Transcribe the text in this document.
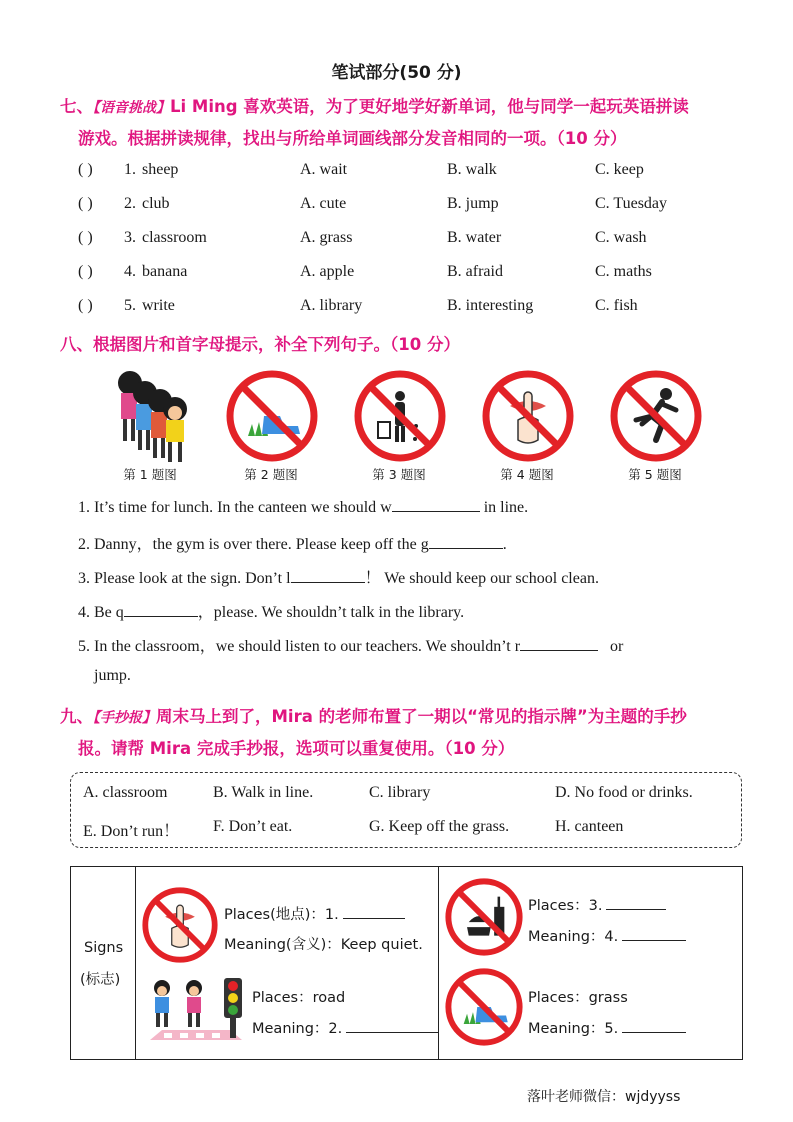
笔试部分(50 分)
七、【语音挑战】Li Ming 喜欢英语，为了更好地学好新单词，他与同学一起玩英语拼读
游戏。根据拼读规律，找出与所给单词画线部分发音相同的一项。（10 分）
( ) 1. sheep	A. wait	B. walk	C. keep
( ) 2. club	A. cute	B. jump	C. Tuesday
( ) 3. classroom	A. grass	B. water	C. wash
( ) 4. banana	A. apple	B. afraid	C. maths
( ) 5. write	A. library	B. interesting	C. fish
八、根据图片和首字母提示，补全下列句子。（10 分）
第 1 题图	第 2 题图	第 3 题图	第 4 题图	第 5 题图
1. It’s time for lunch. In the canteen we should w	in line.
2. Danny，the gym is over there. Please keep off the g	.
3. Please look at the sign. Don’t l	！ We should keep our school clean.
4. Be q	，please. We shouldn’t talk in the library.
5. In the classroom，we should listen to our teachers. We shouldn’t r	or
jump.
九、【手抄报】周末马上到了，Mira 的老师布置了一期以“常见的指示牌”为主题的手抄
报。请帮 Mira 完成手抄报，选项可以重复使用。（10 分）
A. classroom	B. Walk in line.	C. library	D. No food or drinks.
E. Don’t run！ F. Don’t eat.	G. Keep off the grass.	H. canteen
Signs
(标志)
Places(地点)：1.
Meaning(含义)：Keep quiet.
Places：road
Meaning：2.
Places：3.
Meaning：4.
Places：grass
Meaning：5.
落叶老师微信：wjdyyss
